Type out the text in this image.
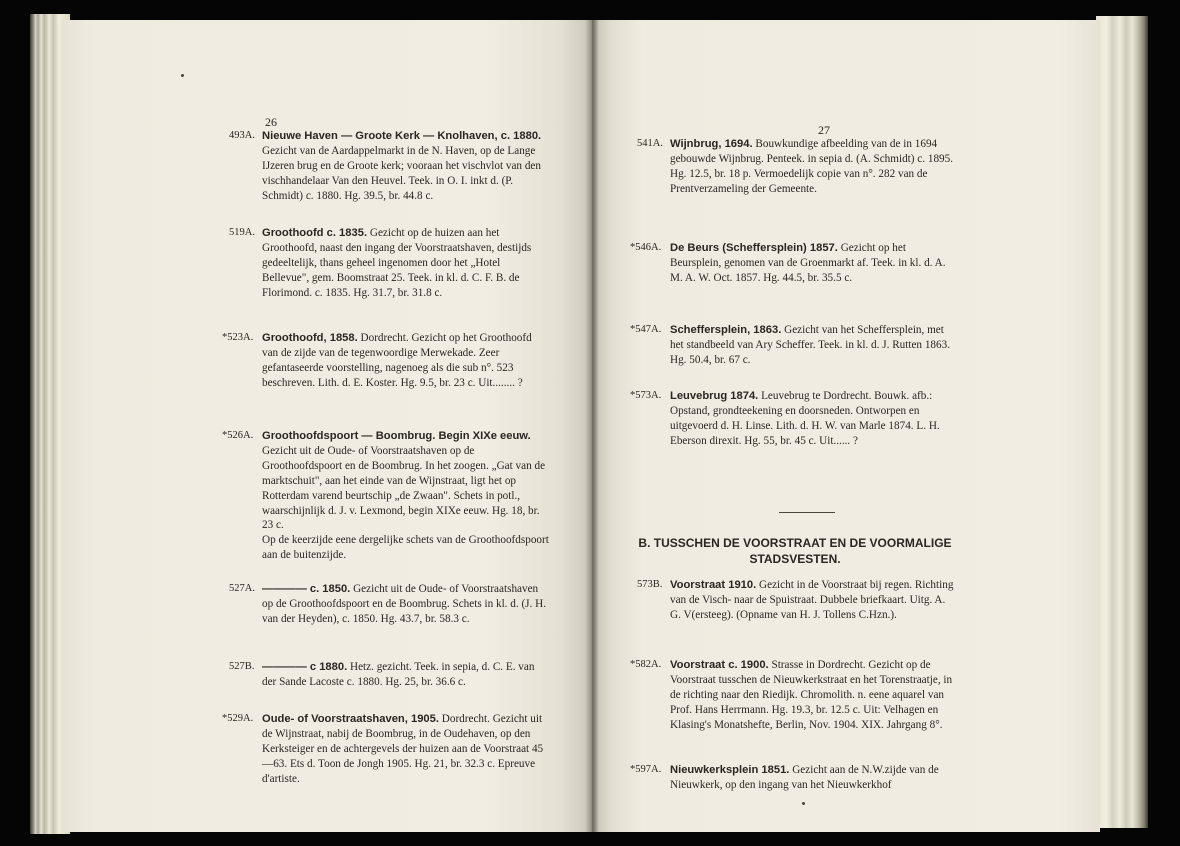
26
27
493A. Nieuwe Haven — Groote Kerk — Knolhaven, c. 1880. Gezicht van de Aardappelmarkt in de N. Haven, op de Lange IJzeren brug en de Groote kerk; vooraan het vischvlot van den vischhandelaar Van den Heuvel. Teek. in O. I. inkt d. (P. Schmidt) c. 1880. Hg. 39.5, br. 44.8 c.
519A. Groothoofd c. 1835. Gezicht op de huizen aan het Groothoofd, naast den ingang der Voorstraatshaven, destijds gedeeltelijk, thans geheel ingenomen door het „Hotel Bellevue", gem. Boomstraat 25. Teek. in kl. d. C. F. B. de Florimond. c. 1835. Hg. 31.7, br. 31.8 c.
*523A. Groothoofd, 1858. Dordrecht. Gezicht op het Groothoofd van de zijde van de tegenwoordige Merwekade. Zeer gefantaseerde voorstelling, nagenoeg als die sub n°. 523 beschreven. Lith. d. E. Koster. Hg. 9.5, br. 23 c. Uit........ ?
*526A. Groothoofdspoort — Boombrug. Begin XIXe eeuw. Gezicht uit de Oude- of Voorstraatshaven op de Groothoofdspoort en de Boombrug. In het zoogen. „Gat van de marktschuit", aan het einde van de Wijnstraat, ligt het op Rotterdam varend beurtschip „de Zwaan". Schets in potl., waarschijnlijk d. J. v. Lexmond, begin XIXe eeuw. Hg. 18, br. 23 c.
Op de keerzijde eene dergelijke schets van de Groothoofdspoort aan de buitenzijde.
527A. ———— c. 1850. Gezicht uit de Oude- of Voorstraatshaven op de Groothoofdspoort en de Boombrug. Schets in kl. d. (J. H. van der Heyden), c. 1850. Hg. 43.7, br. 58.3 c.
527B. ———— c 1880. Hetz. gezicht. Teek. in sepia, d. C. E. van der Sande Lacoste c. 1880. Hg. 25, br. 36.6 c.
*529A. Oude- of Voorstraatshaven, 1905. Dordrecht. Gezicht uit de Wijnstraat, nabij de Boombrug, in de Oudehaven, op den Kerksteiger en de achtergevels der huizen aan de Voorstraat 45—63. Ets d. Toon de Jongh 1905. Hg. 21, br. 32.3 c. Epreuve d'artiste.
541A. Wijnbrug, 1694. Bouwkundige afbeelding van de in 1694 gebouwde Wijnbrug. Penteek. in sepia d. (A. Schmidt) c. 1895. Hg. 12.5, br. 18 p. Vermoedelijk copie van n°. 282 van de Prentverzameling der Gemeente.
*546A. De Beurs (Scheffersplein) 1857. Gezicht op het Beursplein, genomen van de Groenmarkt af. Teek. in kl. d. A. M. A. W. Oct. 1857. Hg. 44.5, br. 35.5 c.
*547A. Scheffersplein, 1863. Gezicht van het Scheffersplein, met het standbeeld van Ary Scheffer. Teek. in kl. d. J. Rutten 1863. Hg. 50.4, br. 67 c.
*573A. Leuvebrug 1874. Leuvebrug te Dordrecht. Bouwk. afb.: Opstand, grondteekening en doorsneden. Ontworpen en uitgevoerd d. H. Linse. Lith. d. H. W. van Marle 1874. L. H. Eberson direxit. Hg. 55, br. 45 c. Uit...... ?
B. TUSSCHEN DE VOORSTRAAT EN DE VOORMALIGE
STADSVESTEN.
573B. Voorstraat 1910. Gezicht in de Voorstraat bij regen. Richting van de Visch- naar de Spuistraat. Dubbele briefkaart. Uitg. A. G. V(ersteeg). (Opname van H. J. Tollens C.Hzn.).
*582A. Voorstraat c. 1900. Strasse in Dordrecht. Gezicht op de Voorstraat tusschen de Nieuwkerkstraat en het Torenstraatje, in de richting naar den Riedijk. Chromolith. n. eene aquarel van Prof. Hans Herrmann. Hg. 19.3, br. 12.5 c. Uit: Velhagen en Klasing's Monatshefte, Berlin, Nov. 1904. XIX. Jahrgang 8°.
*597A. Nieuwkerksplein 1851. Gezicht aan de N.W.zijde van de Nieuwkerk, op den ingang van het Nieuwkerkhof
